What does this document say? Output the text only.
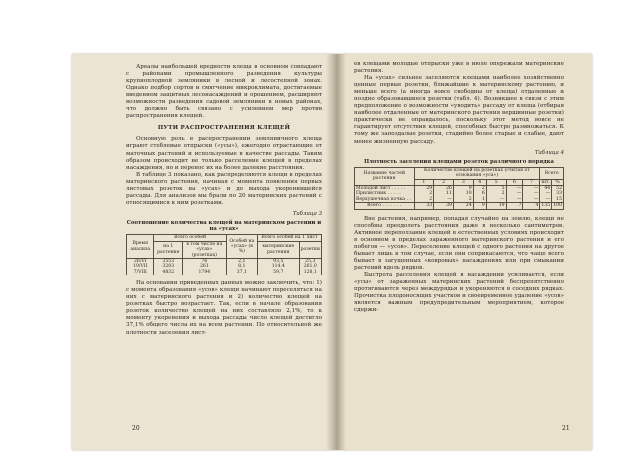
Ареалы наибольшей вредности клеща в основном совпадают с районами промышленного разведения культуры крупноплодной земляники в лесной и лесостепной зонах. Однако подбор сортов и смягчение микроклимата, достигаемые введением защитных лесонасаждений и орошением, расширяют возможности разведения садовой земляники в новых районах, что должно быть связано с усилением мер против распространения клещей.

ПУТИ РАСПРОСТРАНЕНИЯ КЛЕЩЕЙ

Основную роль в распространении земляничного клеща играют стеблевые отпрыски («усы»), ежегодно отрастающие от маточных растений и используемые в качестве рассады. Таким образом происходит не только расселение клещей в пределах насаждения, но и перенос их на более далекие расстояния.

В таблице 3 показано, как распределяются клещи в пределах материнского растения, начиная с момента появления первых листовых розеток на «усах» и до выхода укоренившейся рассады. Для анализов мы брали по 20 материнских растений с относящимися к ним розетками.

Таблица 3
Соотношение количества клещей на материнском растении и на «усах»
Время анализа	Всего особей		Особей на «усах» (в %)	Всего особей на 1 лист	
	на 1 растение	в том числе на «усах» (розетках)		материнские растения	розетки
26/VI	3553	76	2,1	93,5	25,3
19/VII	3203	261	8,1	114,4	261,0
7/VIII	4832	1794	37,1	59,7	128,1

На основании приведенных данных можно заключить, что: 1) с момента образования «усов» клещи начинают переселяться на них с материнского растения и 2) количество клещей на розетках быстро возрастает. Так, если в начале образования розеток количество клещей на них составляло 2,1%, то к моменту укоренения и выхода рассады число клещей достигло 37,1% общего числа их на всем растении. По относительной же плотности заселения лист-

20

ев клещами молодые отпрыски уже в июле опережали материнские растения.

На «усах» сильнее заселяются клещами наиболее хозяйственно ценные первые розетки, ближайшие к материнскому растению, и меньше всего (а иногда вовсе свободны от клеща) отдаленные и поздно образовавшиеся розетки (табл. 4). Возникшее в связи с этим предположение о возможности «уводить» рассаду от клеща (отбирая наиболее отдаленные от материнского растения вершинные розетки) практически не оправдалось, поскольку этот метод вовсе не гарантирует отсутствия клещей, способных быстро размножаться. К тому же запоздалые розетки, стадийно более старые и слабые, дают менее жизненную рассаду.

Таблица 4
Плотность заселения клещами розеток различного порядка
Название частей растения	Количество клещей на розетках (считая от основания «уса»)							Всего	
	1	2	3	4	5	6	7	шт.	%
Молодой лист . . . . .	29	26	9	2	5	—	—	44	52
Прилистник . . . . .	2	11	10	6	2	—	—	—	33
Верхушечная почка . .	2	—	2	1	—	—	—	—	15
Всего . . . . . . .	33	39	24	9	19	7	4	135	100

Вне растения, например, попадая случайно на землю, клещи не способны преодолеть расстояния даже в несколько сантиметров. Активное переползание клещей в естественных условиях происходит в основном в пределах зараженного материнского растения и его побегов — «усов». Переселение клещей с одного растения на другое бывает лишь в том случае, если они соприкасаются, что чаще всего бывает в загущенных «ковровых» насаждениях или при смыкании растений вдоль рядков.

Быстрота расселения клещей в насаждении усиливается, если «усы» от зараженных материнских растений беспрепятственно протягиваются через междурядья и укореняются в соседних рядках. Прочистка плодоносящих участков и своевременное удаление «усов» является важным предупредительным мероприятием, которое сдержи-

21
